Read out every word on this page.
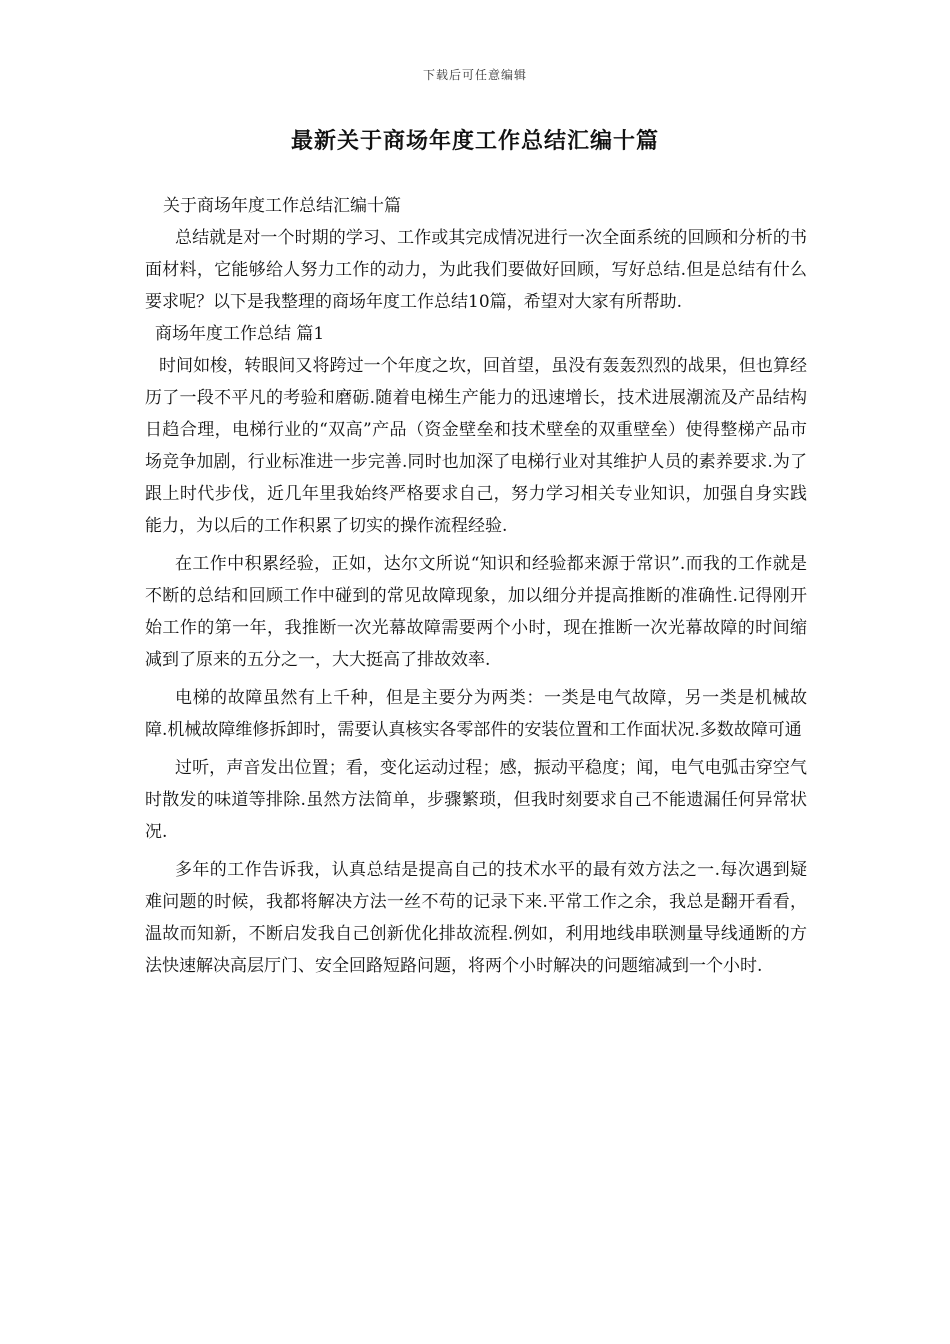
下载后可任意编辑
最新关于商场年度工作总结汇编十篇

关于商场年度工作总结汇编十篇

总结就是对一个时期的学习、工作或其完成情况进行一次全面系统的回顾和分析的书面材料，它能够给人努力工作的动力，为此我们要做好回顾，写好总结.但是总结有什么要求呢？以下是我整理的商场年度工作总结10篇，希望对大家有所帮助.

商场年度工作总结 篇1

时间如梭，转眼间又将跨过一个年度之坎，回首望，虽没有轰轰烈烈的战果，但也算经历了一段不平凡的考验和磨砺.随着电梯生产能力的迅速增长，技术进展潮流及产品结构日趋合理，电梯行业的“双高”产品（资金壁垒和技术壁垒的双重壁垒）使得整梯产品市场竞争加剧，行业标准进一步完善.同时也加深了电梯行业对其维护人员的素养要求.为了跟上时代步伐，近几年里我始终严格要求自己，努力学习相关专业知识，加强自身实践能力，为以后的工作积累了切实的操作流程经验.

在工作中积累经验，正如，达尔文所说“知识和经验都来源于常识”.而我的工作就是不断的总结和回顾工作中碰到的常见故障现象，加以细分并提高推断的准确性.记得刚开始工作的第一年，我推断一次光幕故障需要两个小时，现在推断一次光幕故障的时间缩减到了原来的五分之一，大大挺高了排故效率.

电梯的故障虽然有上千种，但是主要分为两类：一类是电气故障，另一类是机械故障.机械故障维修拆卸时，需要认真核实各零部件的安装位置和工作面状况.多数故障可通

过听，声音发出位置；看，变化运动过程；感，振动平稳度；闻，电气电弧击穿空气时散发的味道等排除.虽然方法简单，步骤繁琐，但我时刻要求自己不能遗漏任何异常状况.

多年的工作告诉我，认真总结是提高自己的技术水平的最有效方法之一.每次遇到疑难问题的时候，我都将解决方法一丝不苟的记录下来.平常工作之余，我总是翻开看看，温故而知新，不断启发我自己创新优化排故流程.例如，利用地线串联测量导线通断的方法快速解决高层厅门、安全回路短路问题，将两个小时解决的问题缩减到一个小时.
